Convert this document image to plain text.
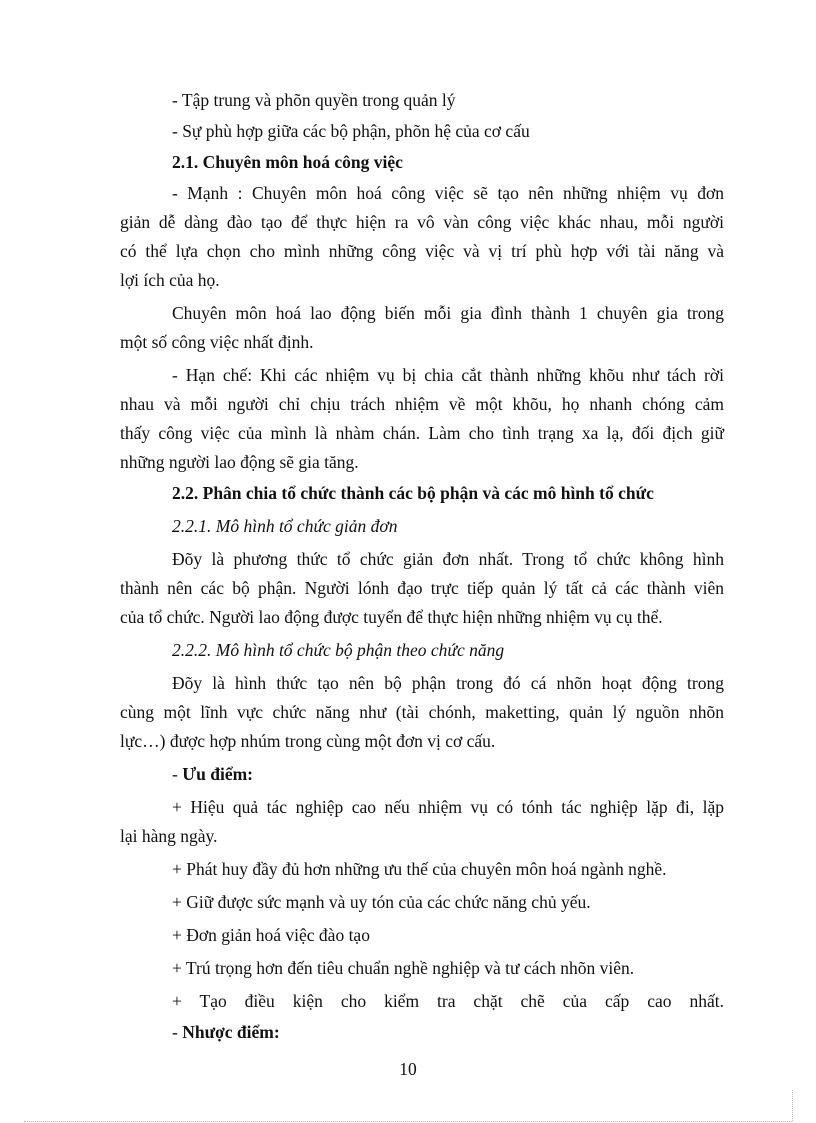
- Tập trung và phõn quyền trong quản lý
- Sự phù hợp giữa các bộ phận, phõn hệ của cơ cấu
2.1. Chuyên môn hoá công việc
- Mạnh : Chuyên môn hoá công việc sẽ tạo nên những nhiệm vụ đơn
giản dễ dàng đào tạo để thực hiện ra vô vàn công việc khác nhau, mỗi người
có thể lựa chọn cho mình những công việc và vị trí phù hợp với tài năng và
lợi ích của họ.
Chuyên môn hoá lao động biến mỗi gia đình thành 1 chuyên gia trong
một số công việc nhất định.
- Hạn chế: Khi các nhiệm vụ bị chia cắt thành những khõu như tách rời
nhau và mỗi người chỉ chịu trách nhiệm về một khõu, họ nhanh chóng cảm
thấy công việc của mình là nhàm chán. Làm cho tình trạng xa lạ, đối địch giữ
những người lao động sẽ gia tăng.
2.2. Phân chia tổ chức thành các bộ phận và các mô hình tổ chức
2.2.1. Mô hình tổ chức giản đơn
Đõy là phương thức tổ chức giản đơn nhất. Trong tổ chức không hình
thành nên các bộ phận. Người lónh đạo trực tiếp quản lý tất cả các thành viên
của tổ chức. Người lao động được tuyển để thực hiện những nhiệm vụ cụ thể.
2.2.2. Mô hình tổ chức bộ phận theo chức năng
Đõy là hình thức tạo nên bộ phận trong đó cá nhõn hoạt động trong
cùng một lĩnh vực chức năng như (tài chónh, maketting, quản lý nguồn nhõn
lực…) được hợp nhúm trong cùng một đơn vị cơ cấu.
- Ưu điểm:
+ Hiệu quả tác nghiệp cao nếu nhiệm vụ có tónh tác nghiệp lặp đi, lặp
lại hàng ngày.
+ Phát huy đầy đủ hơn những ưu thế của chuyên môn hoá ngành nghề.
+ Giữ được sức mạnh và uy tón của các chức năng chủ yếu.
+ Đơn giản hoá việc đào tạo
+ Trú trọng hơn đến tiêu chuẩn nghề nghiệp và tư cách nhõn viên.
+ Tạo điều kiện cho kiểm tra chặt chẽ của cấp cao nhất.
- Nhược điểm:
10
